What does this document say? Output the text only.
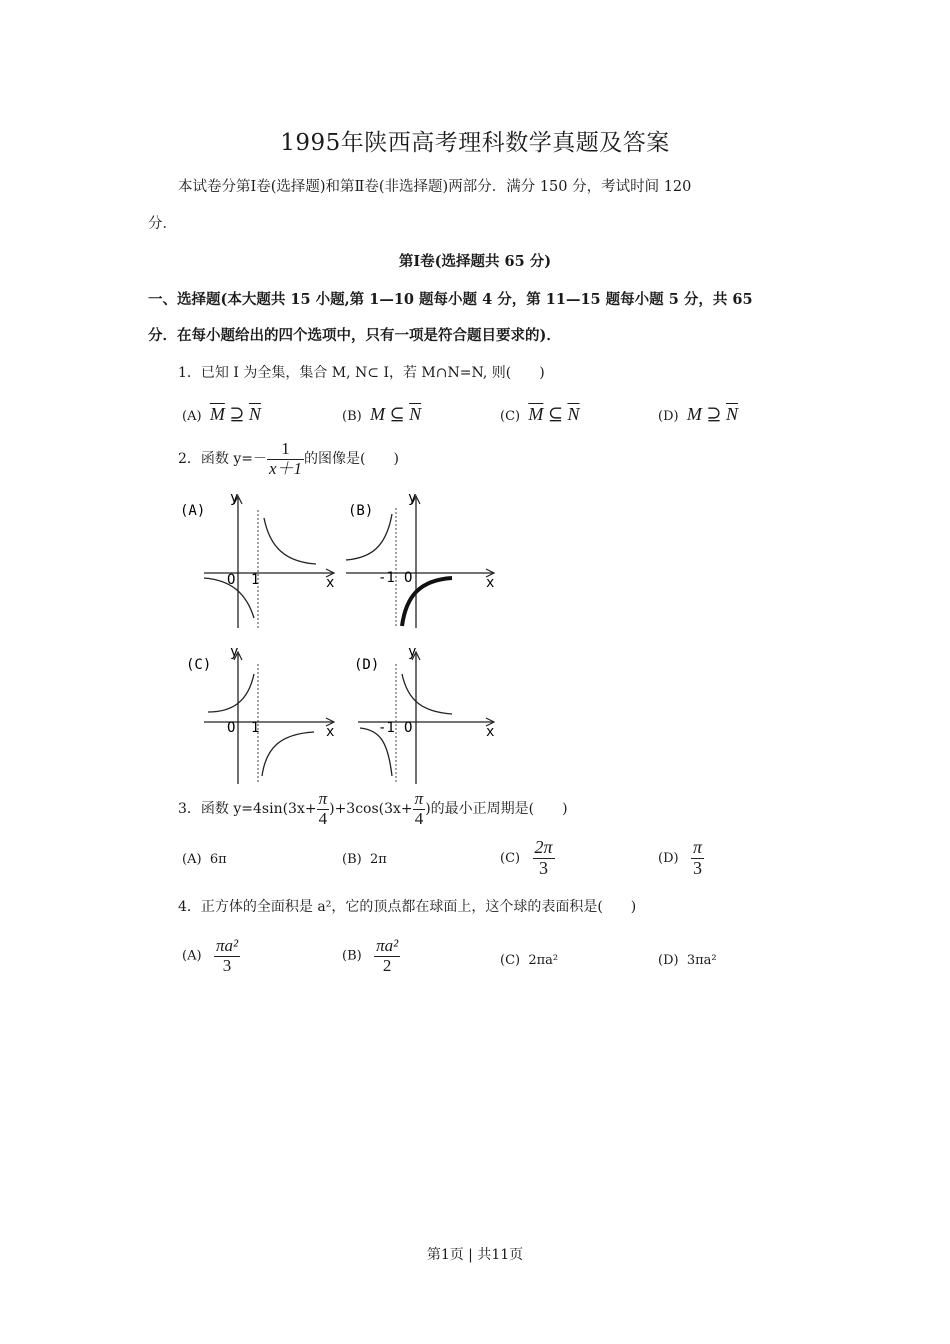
1995年陕西高考理科数学真题及答案
本试卷分第Ⅰ卷(选择题)和第Ⅱ卷(非选择题)两部分．满分 150 分，考试时间 120
分．
第Ⅰ卷(选择题共 65 分)
一、选择题(本大题共 15 小题,第 1—10 题每小题 4 分，第 11—15 题每小题 5 分，共 65
分．在每小题给出的四个选项中，只有一项是符合题目要求的)．
1．已知 I 为全集，集合 M, N⊂ I，若 M∩N=N, 则(　　)
(A) $\overline{M}$ ⊇ $\overline{N}$	(B) M ⊆ $\overline{N}$	(C) $\overline{M}$ ⊆ $\overline{N}$	(D) M ⊇ $\overline{N}$
2．函数 $y=- \frac{1}{x+1}$ 的图像是(　　)
(A)
y
x
O 1
(B)
y
x
-1 O
(C)
y
x
O 1
(D)
y
x
-1 O
3．函数 $y=4\sin(3x+ \frac{\pi}{4} )+3\cos(3x+ \frac{\pi}{4}$ )的最小正周期是(　　)
(A) 6π	(B) 2π	$(C) \frac{2\pi}{3}$	$(D) \frac{\pi}{3}$
4．正方体的全面积是 a²，它的顶点都在球面上，这个球的表面积是(　　)
$(A) \frac{\text{πa²}}{3}$	$(B) \frac{\text{πa²}}{2}$	(C) 2πa²	(D) 3πa²
第1页 | 共11页
